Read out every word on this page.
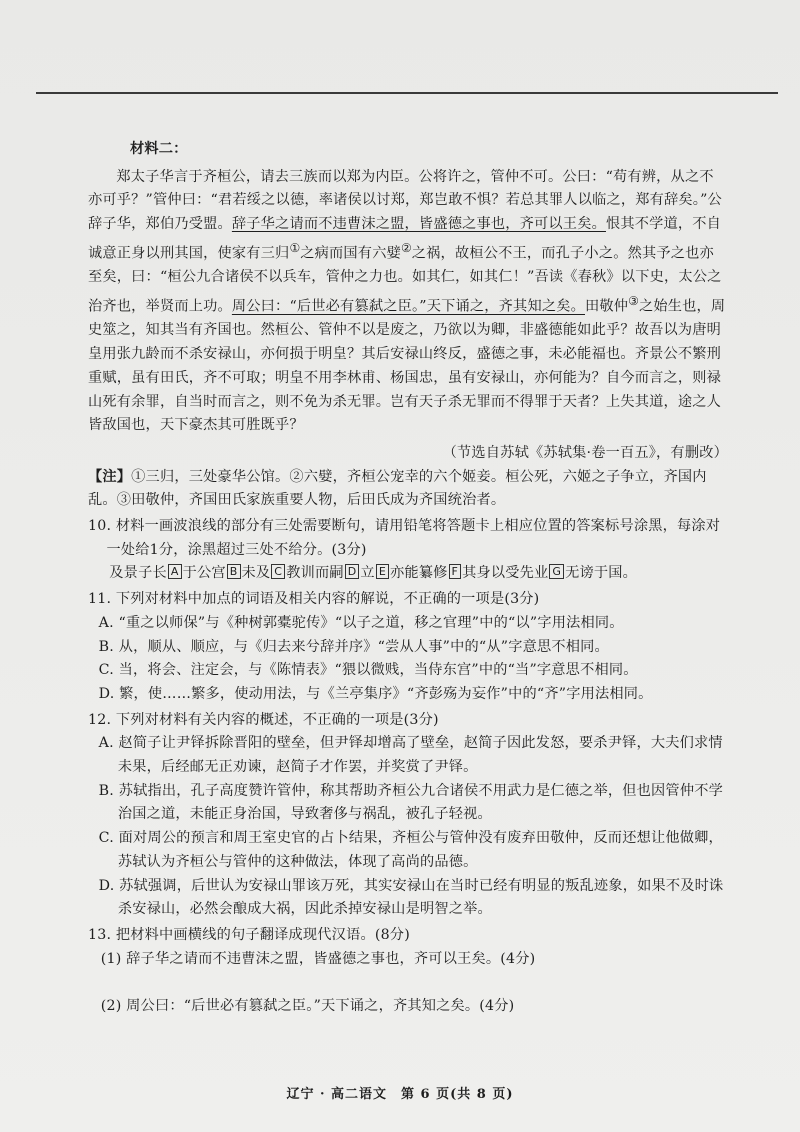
材料二：

郑太子华言于齐桓公，请去三族而以郑为内臣。公将许之，管仲不可。公曰：“苟有辨，从之不亦可乎？”管仲曰：“君若绥之以德，率诸侯以讨郑，郑岂敢不惧？若总其罪人以临之，郑有辞矣。”公辞子华，郑伯乃受盟。辞子华之请而不违曹沫之盟，皆盛德之事也，齐可以王矣。恨其不学道，不自诚意正身以刑其国，使家有三归①之病而国有六嬖②之祸，故桓公不王，而孔子小之。然其予之也亦至矣，曰：“桓公九合诸侯不以兵车，管仲之力也。如其仁，如其仁！”吾读《春秋》以下史，太公之治齐也，举贤而上功。周公曰：“后世必有篡弑之臣。”天下诵之，齐其知之矣。田敬仲③之始生也，周史筮之，知其当有齐国也。然桓公、管仲不以是废之，乃欲以为卿，非盛德能如此乎？故吾以为唐明皇用张九龄而不杀安禄山，亦何损于明皇？其后安禄山终反，盛德之事，未必能福也。齐景公不繁刑重赋，虽有田氏，齐不可取；明皇不用李林甫、杨国忠，虽有安禄山，亦何能为？自今而言之，则禄山死有余罪，自当时而言之，则不免为杀无罪。岂有天子杀无罪而不得罪于天者？上失其道，途之人皆敌国也，天下豪杰其可胜既乎？

（节选自苏轼《苏轼集·卷一百五》，有删改）

【注】①三归，三处豪华公馆。②六嬖，齐桓公宠幸的六个姬妾。桓公死，六姬之子争立，齐国内乱。③田敬仲，齐国田氏家族重要人物，后田氏成为齐国统治者。

10. 材料一画波浪线的部分有三处需要断句，请用铅笔将答题卡上相应位置的答案标号涂黑，每涂对一处给1分，涂黑超过三处不给分。(3分)

及景子长 A 于公宫 B 未及 C 教训而嗣 D 立 E 亦能纂修 F 其身以受先业 G 无谤于国。

11. 下列对材料中加点的词语及相关内容的解说，不正确的一项是(3分)

A. “重之以师保”与《种树郭橐驼传》“以子之道，移之官理”中的“以”字用法相同。

B. 从，顺从、顺应，与《归去来兮辞并序》“尝从人事”中的“从”字意思不相同。

C. 当，将会、注定会，与《陈情表》“猥以微贱，当侍东宫”中的“当”字意思不相同。

D. 繁，使……繁多，使动用法，与《兰亭集序》“齐彭殇为妄作”中的“齐”字用法相同。

12. 下列对材料有关内容的概述，不正确的一项是(3分)

A. 赵简子让尹铎拆除晋阳的壁垒，但尹铎却增高了壁垒，赵简子因此发怒，要杀尹铎，大夫们求情未果，后经邮无正劝谏，赵简子才作罢，并奖赏了尹铎。

B. 苏轼指出，孔子高度赞许管仲，称其帮助齐桓公九合诸侯不用武力是仁德之举，但也因管仲不学治国之道，未能正身治国，导致奢侈与祸乱，被孔子轻视。

C. 面对周公的预言和周王室史官的占卜结果，齐桓公与管仲没有废弃田敬仲，反而还想让他做卿，苏轼认为齐桓公与管仲的这种做法，体现了高尚的品德。

D. 苏轼强调，后世认为安禄山罪该万死，其实安禄山在当时已经有明显的叛乱迹象，如果不及时诛杀安禄山，必然会酿成大祸，因此杀掉安禄山是明智之举。

13. 把材料中画横线的句子翻译成现代汉语。(8分)

(1) 辞子华之请而不违曹沫之盟，皆盛德之事也，齐可以王矣。(4分)

(2) 周公曰：“后世必有篡弑之臣。”天下诵之，齐其知之矣。(4分)

辽宁 · 高二语文　第 6 页(共 8 页)
